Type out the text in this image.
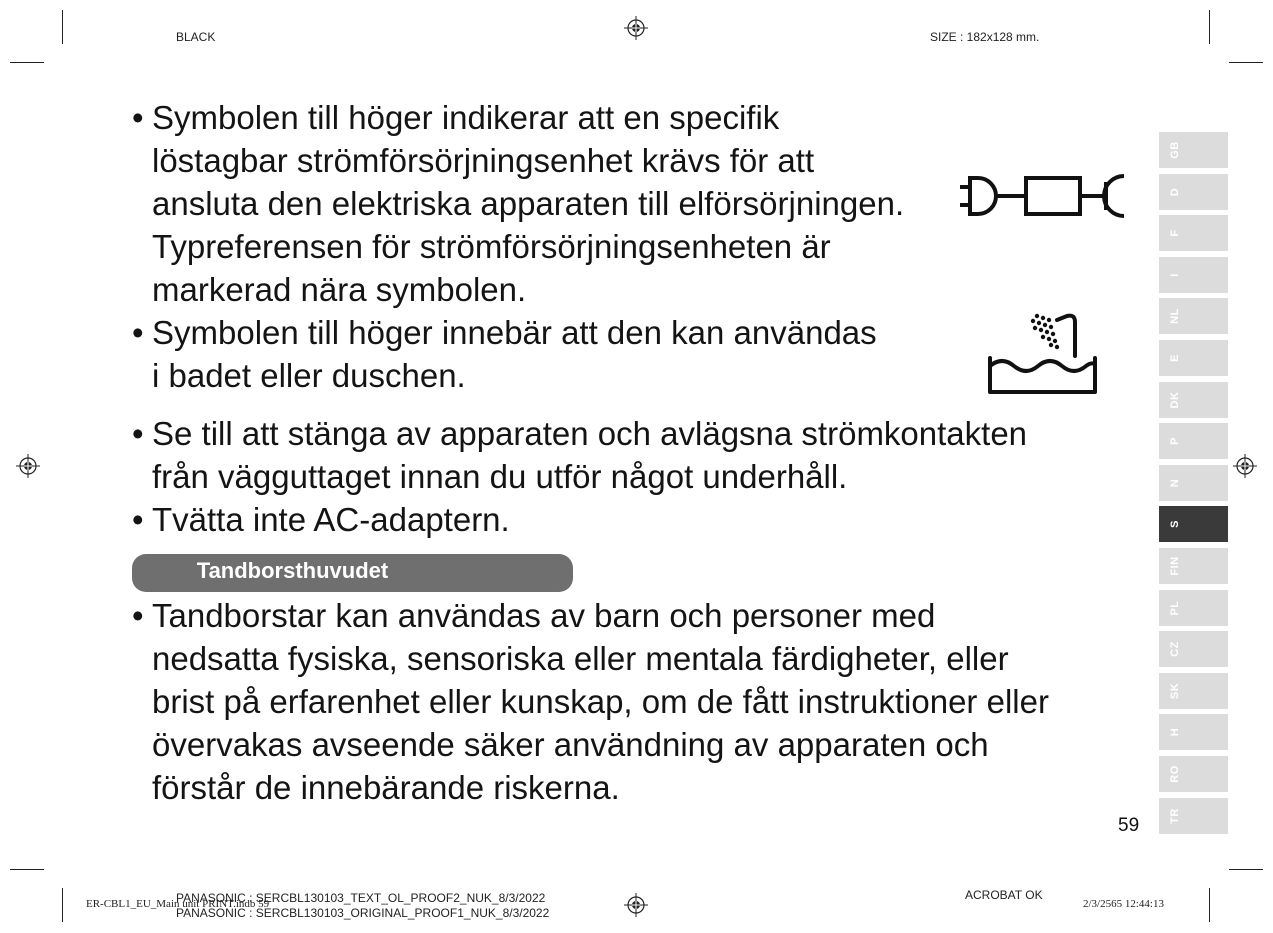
BLACK	SIZE : 182x128 mm.
• Symbolen till höger indikerar att en specifik
löstagbar strömförsörjningsenhet krävs för att
ansluta den elektriska apparaten till elförsörjningen.
Typreferensen för strömförsörjningsenheten är
markerad nära symbolen.
• Symbolen till höger innebär att den kan användas
i badet eller duschen.
• Se till att stänga av apparaten och avlägsna strömkontakten
från vägguttaget innan du utför något underhåll.
• Tvätta inte AC-adaptern.
Tandborsthuvudet
• Tandborstar kan användas av barn och personer med
nedsatta fysiska, sensoriska eller mentala färdigheter, eller
brist på erfarenhet eller kunskap, om de fått instruktioner eller
övervakas avseende säker användning av apparaten och
förstår de innebärande riskerna.
GB
D
F
I
NL
E
DK
P
N
S
FIN
PL
CZ
SK
H
RO
TR
59
ER-CBL1_EU_Main unit PRINT.indb 59
PANASONIC : SERCBL130103_TEXT_OL_PROOF2_NUK_8/3/2022
PANASONIC : SERCBL130103_ORIGINAL_PROOF1_NUK_8/3/2022
ACROBAT OK
2/3/2565 12:44:13
